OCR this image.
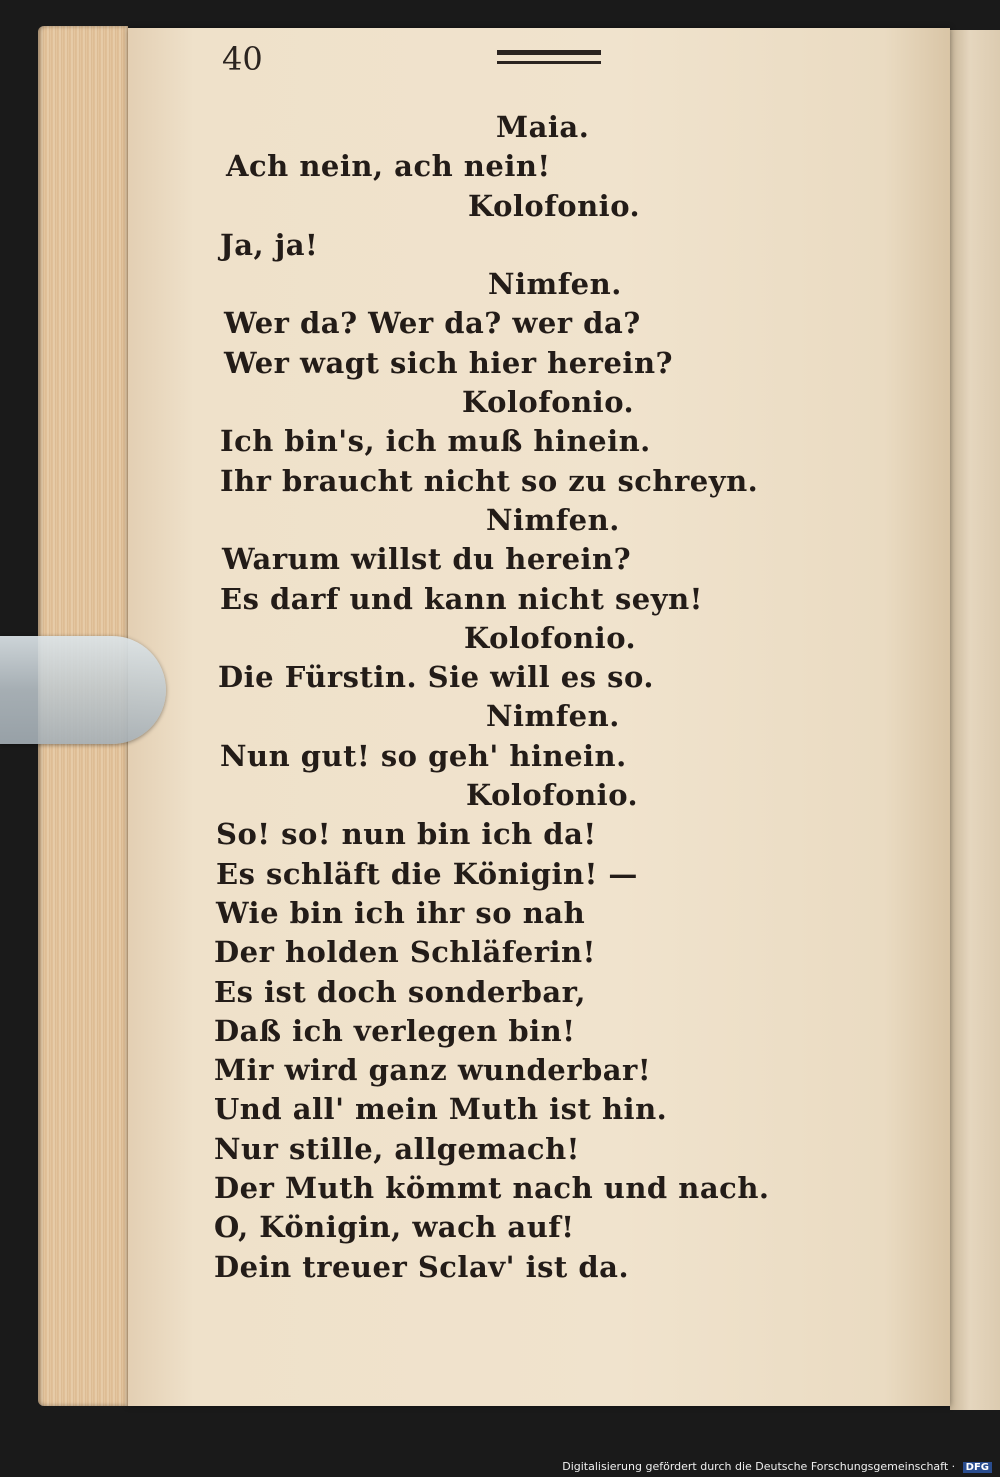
40
Maia.
Ach nein, ach nein!
Kolofonio.
Ja, ja!
Nimfen.
Wer da? Wer da? wer da?
Wer wagt sich hier herein?
Kolofonio.
Ich bin's, ich muß hinein.
Ihr braucht nicht so zu schreyn.
Nimfen.
Warum willst du herein?
Es darf und kann nicht seyn!
Kolofonio.
Die Fürstin. Sie will es so.
Nimfen.
Nun gut! so geh' hinein.
Kolofonio.
So! so! nun bin ich da!
Es schläft die Königin! —
Wie bin ich ihr so nah
Der holden Schläferin!
Es ist doch sonderbar,
Daß ich verlegen bin!
Mir wird ganz wunderbar!
Und all' mein Muth ist hin.
Nur stille, allgemach!
Der Muth kömmt nach und nach.
O, Königin, wach auf!
Dein treuer Sclav' ist da.
Digitalisierung gefördert durch die Deutsche Forschungsgemeinschaft · DFG
